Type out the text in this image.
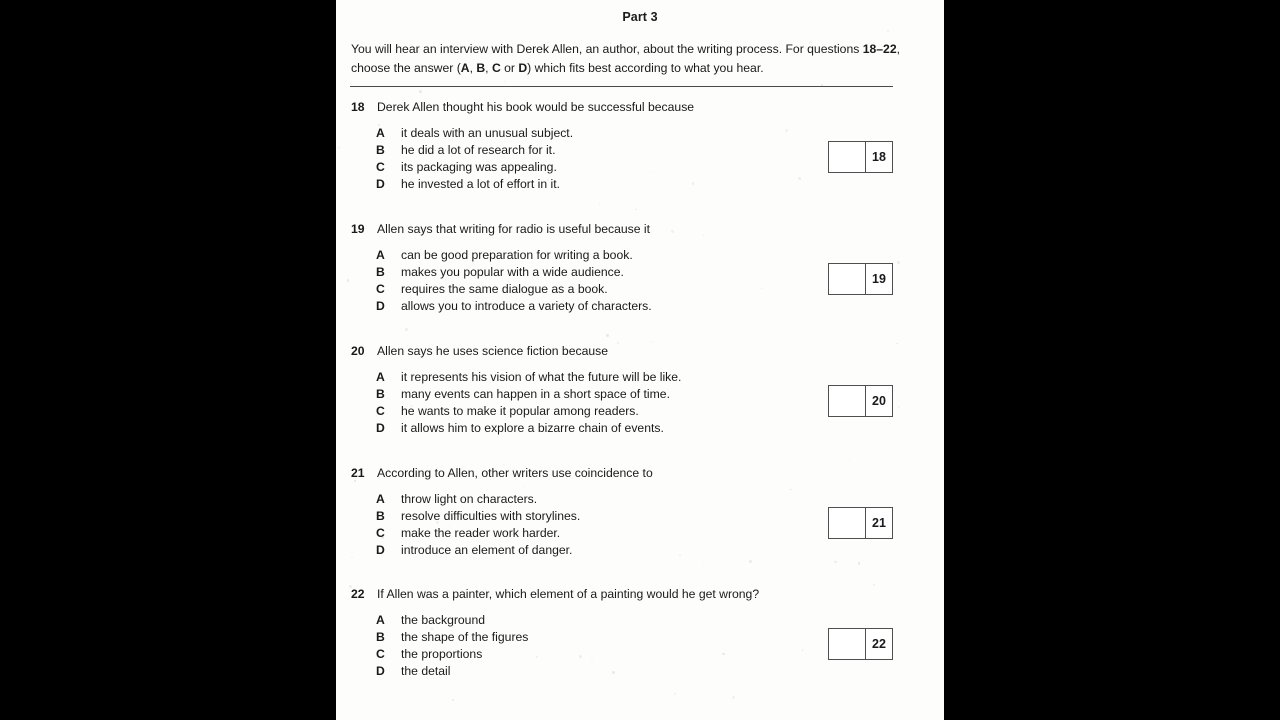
Part 3
You will hear an interview with Derek Allen, an author, about the writing process. For questions 18–22, choose the answer (A, B, C or D) which fits best according to what you hear.
18 Derek Allen thought his book would be successful because
A it deals with an unusual subject.
B he did a lot of research for it.
C its packaging was appealing.
D he invested a lot of effort in it.
18
19 Allen says that writing for radio is useful because it
A can be good preparation for writing a book.
B makes you popular with a wide audience.
C requires the same dialogue as a book.
D allows you to introduce a variety of characters.
19
20 Allen says he uses science fiction because
A it represents his vision of what the future will be like.
B many events can happen in a short space of time.
C he wants to make it popular among readers.
D it allows him to explore a bizarre chain of events.
20
21 According to Allen, other writers use coincidence to
A throw light on characters.
B resolve difficulties with storylines.
C make the reader work harder.
D introduce an element of danger.
21
22 If Allen was a painter, which element of a painting would he get wrong?
A the background
B the shape of the figures
C the proportions
D the detail
22
